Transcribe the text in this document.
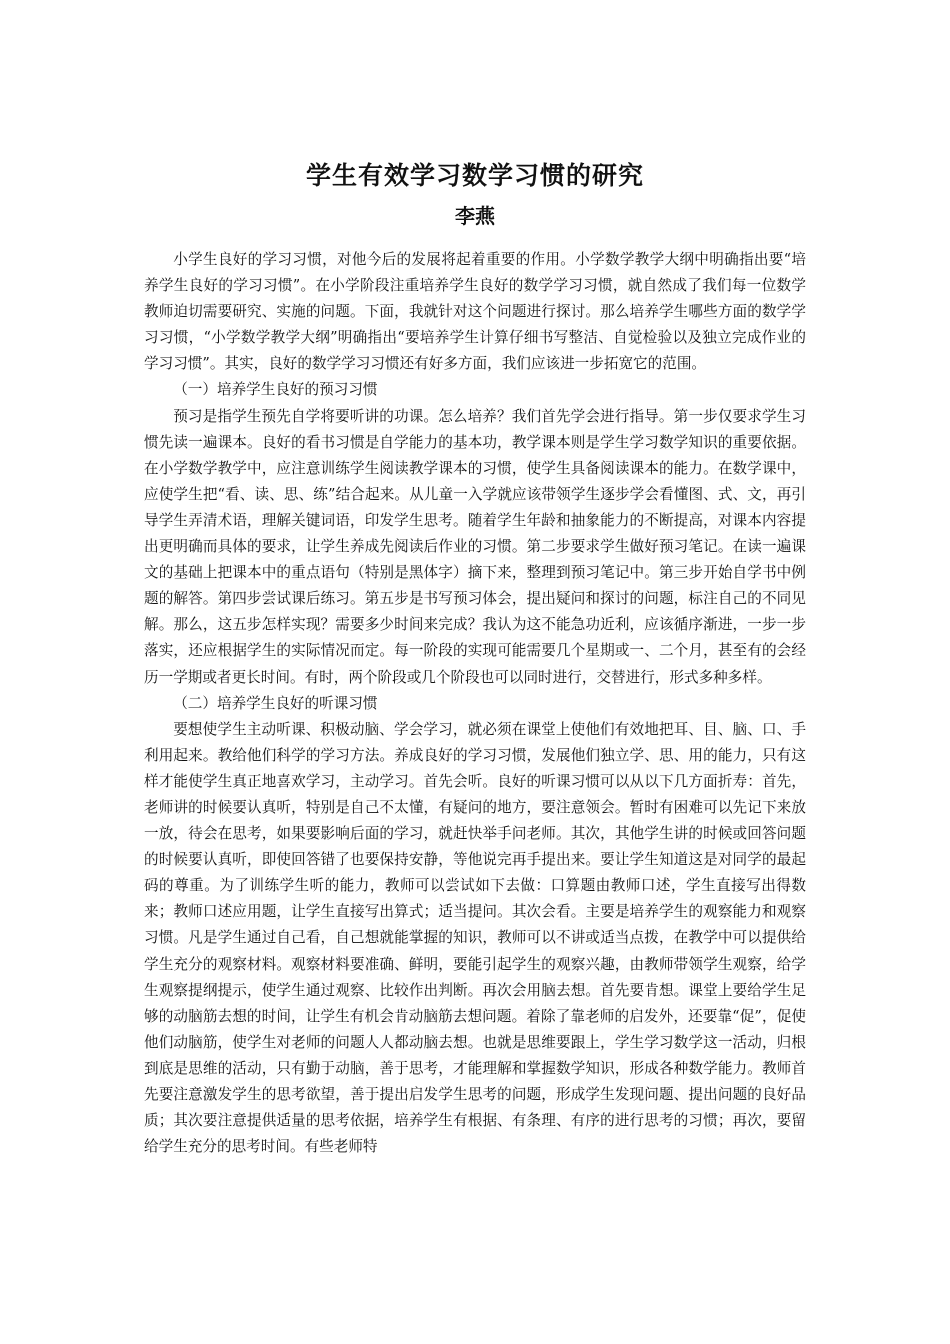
学生有效学习数学习惯的研究
李燕

小学生良好的学习习惯，对他今后的发展将起着重要的作用。小学数学教学大纲中明确指出要“培养学生良好的学习习惯”。在小学阶段注重培养学生良好的数学学习习惯，就自然成了我们每一位数学教师迫切需要研究、实施的问题。下面，我就针对这个问题进行探讨。那么培养学生哪些方面的数学学习习惯，“小学数学教学大纲”明确指出“要培养学生计算仔细书写整洁、自觉检验以及独立完成作业的学习习惯”。其实，良好的数学学习习惯还有好多方面，我们应该进一步拓宽它的范围。

（一）培养学生良好的预习习惯

预习是指学生预先自学将要听讲的功课。怎么培养？我们首先学会进行指导。第一步仅要求学生习惯先读一遍课本。良好的看书习惯是自学能力的基本功，教学课本则是学生学习数学知识的重要依据。在小学数学教学中，应注意训练学生阅读教学课本的习惯，使学生具备阅读课本的能力。在数学课中，应使学生把“看、读、思、练”结合起来。从儿童一入学就应该带领学生逐步学会看懂图、式、文，再引导学生弄清术语，理解关键词语，印发学生思考。随着学生年龄和抽象能力的不断提高，对课本内容提出更明确而具体的要求，让学生养成先阅读后作业的习惯。第二步要求学生做好预习笔记。在读一遍课文的基础上把课本中的重点语句（特别是黑体字）摘下来，整理到预习笔记中。第三步开始自学书中例题的解答。第四步尝试课后练习。第五步是书写预习体会，提出疑问和探讨的问题，标注自己的不同见解。那么，这五步怎样实现？需要多少时间来完成？我认为这不能急功近利，应该循序渐进，一步一步落实，还应根据学生的实际情况而定。每一阶段的实现可能需要几个星期或一、二个月，甚至有的会经历一学期或者更长时间。有时，两个阶段或几个阶段也可以同时进行，交替进行，形式多种多样。

（二）培养学生良好的听课习惯

要想使学生主动听课、积极动脑、学会学习，就必须在课堂上使他们有效地把耳、目、脑、口、手利用起来。教给他们科学的学习方法。养成良好的学习习惯，发展他们独立学、思、用的能力，只有这样才能使学生真正地喜欢学习，主动学习。首先会听。良好的听课习惯可以从以下几方面折寿：首先，老师讲的时候要认真听，特别是自己不太懂，有疑问的地方，要注意领会。暂时有困难可以先记下来放一放，待会在思考，如果要影响后面的学习，就赶快举手问老师。其次，其他学生讲的时候或回答问题的时候要认真听，即使回答错了也要保持安静，等他说完再手提出来。要让学生知道这是对同学的最起码的尊重。为了训练学生听的能力，教师可以尝试如下去做：口算题由教师口述，学生直接写出得数来；教师口述应用题，让学生直接写出算式；适当提问。其次会看。主要是培养学生的观察能力和观察习惯。凡是学生通过自己看，自己想就能掌握的知识，教师可以不讲或适当点拨，在教学中可以提供给学生充分的观察材料。观察材料要准确、鲜明，要能引起学生的观察兴趣，由教师带领学生观察，给学生观察提纲提示，使学生通过观察、比较作出判断。再次会用脑去想。首先要肯想。课堂上要给学生足够的动脑筋去想的时间，让学生有机会肯动脑筋去想问题。着除了靠老师的启发外，还要靠“促”，促使他们动脑筋，使学生对老师的问题人人都动脑去想。也就是思维要跟上，学生学习数学这一活动，归根到底是思维的活动，只有勤于动脑，善于思考，才能理解和掌握数学知识，形成各种数学能力。教师首先要注意激发学生的思考欲望，善于提出启发学生思考的问题，形成学生发现问题、提出问题的良好品质；其次要注意提供适量的思考依据，培养学生有根据、有条理、有序的进行思考的习惯；再次，要留给学生充分的思考时间。有些老师特
